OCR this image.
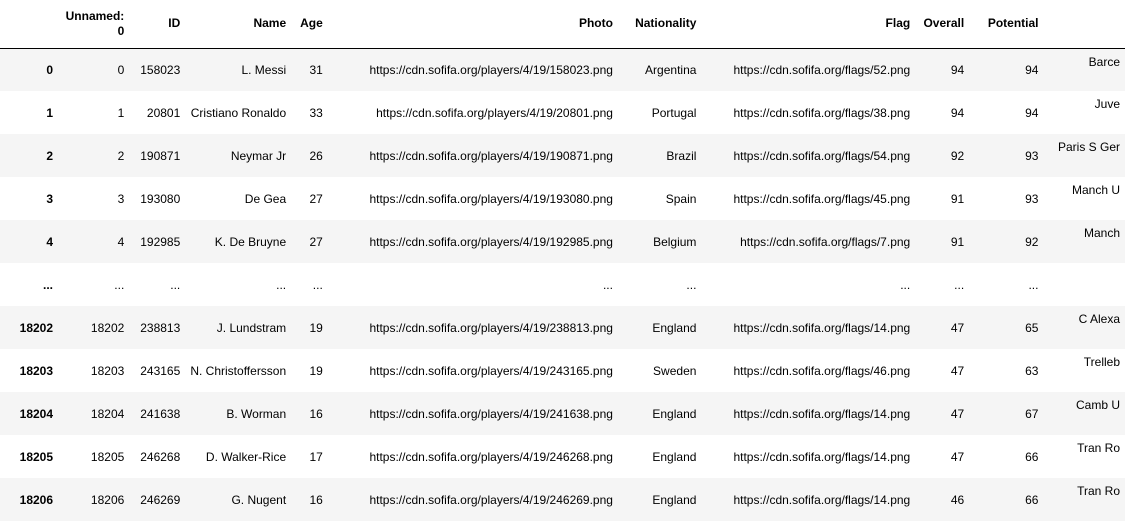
	Unnamed: 0	ID	Name	Age	Photo	Nationality	Flag	Overall	Potential	
0	0	158023	L. Messi	31	https://cdn.sofifa.org/players/4/19/158023.png	Argentina	https://cdn.sofifa.org/flags/52.png	94	94	Barce
1	1	20801	Cristiano Ronaldo	33	https://cdn.sofifa.org/players/4/19/20801.png	Portugal	https://cdn.sofifa.org/flags/38.png	94	94	Juve
2	2	190871	Neymar Jr	26	https://cdn.sofifa.org/players/4/19/190871.png	Brazil	https://cdn.sofifa.org/flags/54.png	92	93	Paris S Ger
3	3	193080	De Gea	27	https://cdn.sofifa.org/players/4/19/193080.png	Spain	https://cdn.sofifa.org/flags/45.png	91	93	Manch U
4	4	192985	K. De Bruyne	27	https://cdn.sofifa.org/players/4/19/192985.png	Belgium	https://cdn.sofifa.org/flags/7.png	91	92	Manch
...	...	...	...	...	...	...	...	...	...	
18202	18202	238813	J. Lundstram	19	https://cdn.sofifa.org/players/4/19/238813.png	England	https://cdn.sofifa.org/flags/14.png	47	65	C Alexa
18203	18203	243165	N. Christoffersson	19	https://cdn.sofifa.org/players/4/19/243165.png	Sweden	https://cdn.sofifa.org/flags/46.png	47	63	Trelleb
18204	18204	241638	B. Worman	16	https://cdn.sofifa.org/players/4/19/241638.png	England	https://cdn.sofifa.org/flags/14.png	47	67	Camb U
18205	18205	246268	D. Walker-Rice	17	https://cdn.sofifa.org/players/4/19/246268.png	England	https://cdn.sofifa.org/flags/14.png	47	66	Tran Ro
18206	18206	246269	G. Nugent	16	https://cdn.sofifa.org/players/4/19/246269.png	England	https://cdn.sofifa.org/flags/14.png	46	66	Tran Ro
